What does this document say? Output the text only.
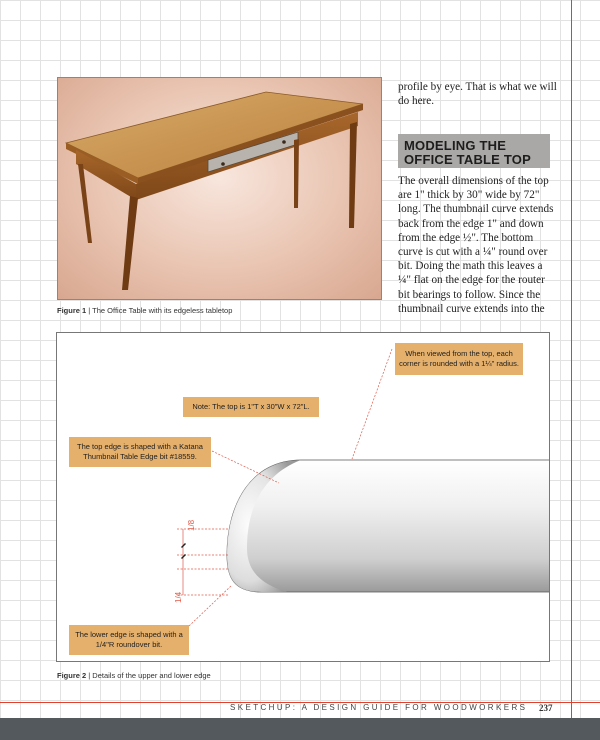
Figure 1 | The Office Table with its edgeless tabletop
profile by eye. That is what we will do here.
MODELING THE
OFFICE TABLE TOP
The overall dimensions of the top are 1" thick by 30" wide by 72" long. The thumbnail curve extends back from the edge 1" and down from the edge ½". The bottom curve is cut with a ¼" round over bit. Doing the math this leaves a ¼" flat on the edge for the router bit bearings to follow. Since the thumbnail curve extends into the
1/8
1/4
When viewed from the top, each corner is rounded with a 1¼" radius.
Note: The top is 1"T x 30"W x 72"L.
The top edge is shaped with a Katana Thumbnail Table Edge bit #18559.
The lower edge is shaped with a 1/4"R roundover bit.
Figure 2 | Details of the upper and lower edge
SKETCHUP: A DESIGN GUIDE FOR WOODWORKERS 237
